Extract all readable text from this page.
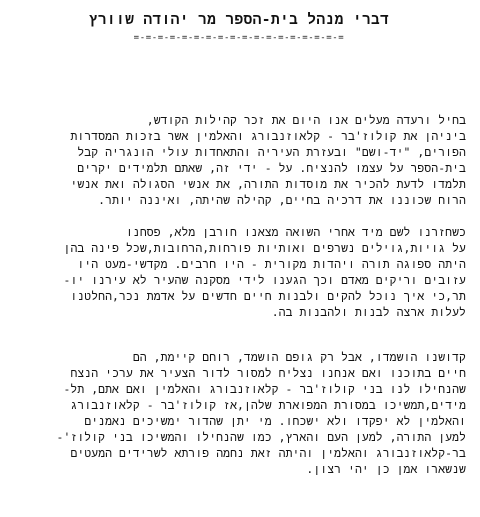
דברי מנהל בית-הספר מר יהודה שוורץ
=-=-=-=-=-=-=-=-=-=-=-=-=-=-=-=-=-=
בחיל ורעדה מעלים אנו היום את זכר קהילות הקודש,
ביניהן את קולוז'בר - קלאוזנבורג והאלמין אשר בזכות המסדרות
הפורים, "יד-ושם" ובעזרת העיריה והתאחדות עולי הונגריה קבל
בית-הספר על עצמו להנציח. על - ידי זה, שאתם תלמידים יקרים
תלמדו לדעת להכיר את מוסדות התורה, את אנשי הסגולה ואת אנשי
הרוח שכוננו את דרכיה בחיים, קהילה שהיתה, ואיננה יותר.
כשחזרנו לשם מיד אחרי השואה מצאנו חורבן מלא, פסחנו
על גויות,גוילים נשרפים ואותיות פורחות,הרחובות,שכל פינה בהן
היתה ספוגה תורה ויהדות מקורית - היו חרבים. מקדשי-מעט היו
עזובים וריקים מאדם וכך הגענו לידי מסקנה שהעיר לא עירנו יו-
תר,כי איך נוכל להקים ולבנות חיים חדשים על אדמת נכר,החלטנו
לעלות ארצה לבנות ולהבנות בה.
קדושנו הושמדו, אבל רק גופם הושמד, רוחם קיימת, הם
חיים בתוכנו ואם אנחנו נצליח למסור לדור הצעיר את ערכי הנצח
שהנחילו לנו בני קולוז'בר - קלאוזנבורג והאלמין ואם אתם, תל-
מידים,תמשיכו במסורת המפוארת שלהן,אז קולוז'בר - קלאוזנבורג
והאלמין לא יפקדו ולא ישכחו. מי יתן שהדור ימשיכים נאמנים
למען התורה, למען העם והארץ, כמו שהנחילו והמשיכו בני קולוז'-
בר-קלאוזנבורג והאלמין והיתה זאת נחמה פורתא לשרידים המעטים
שנשארו אמן כן יהי רצון.
